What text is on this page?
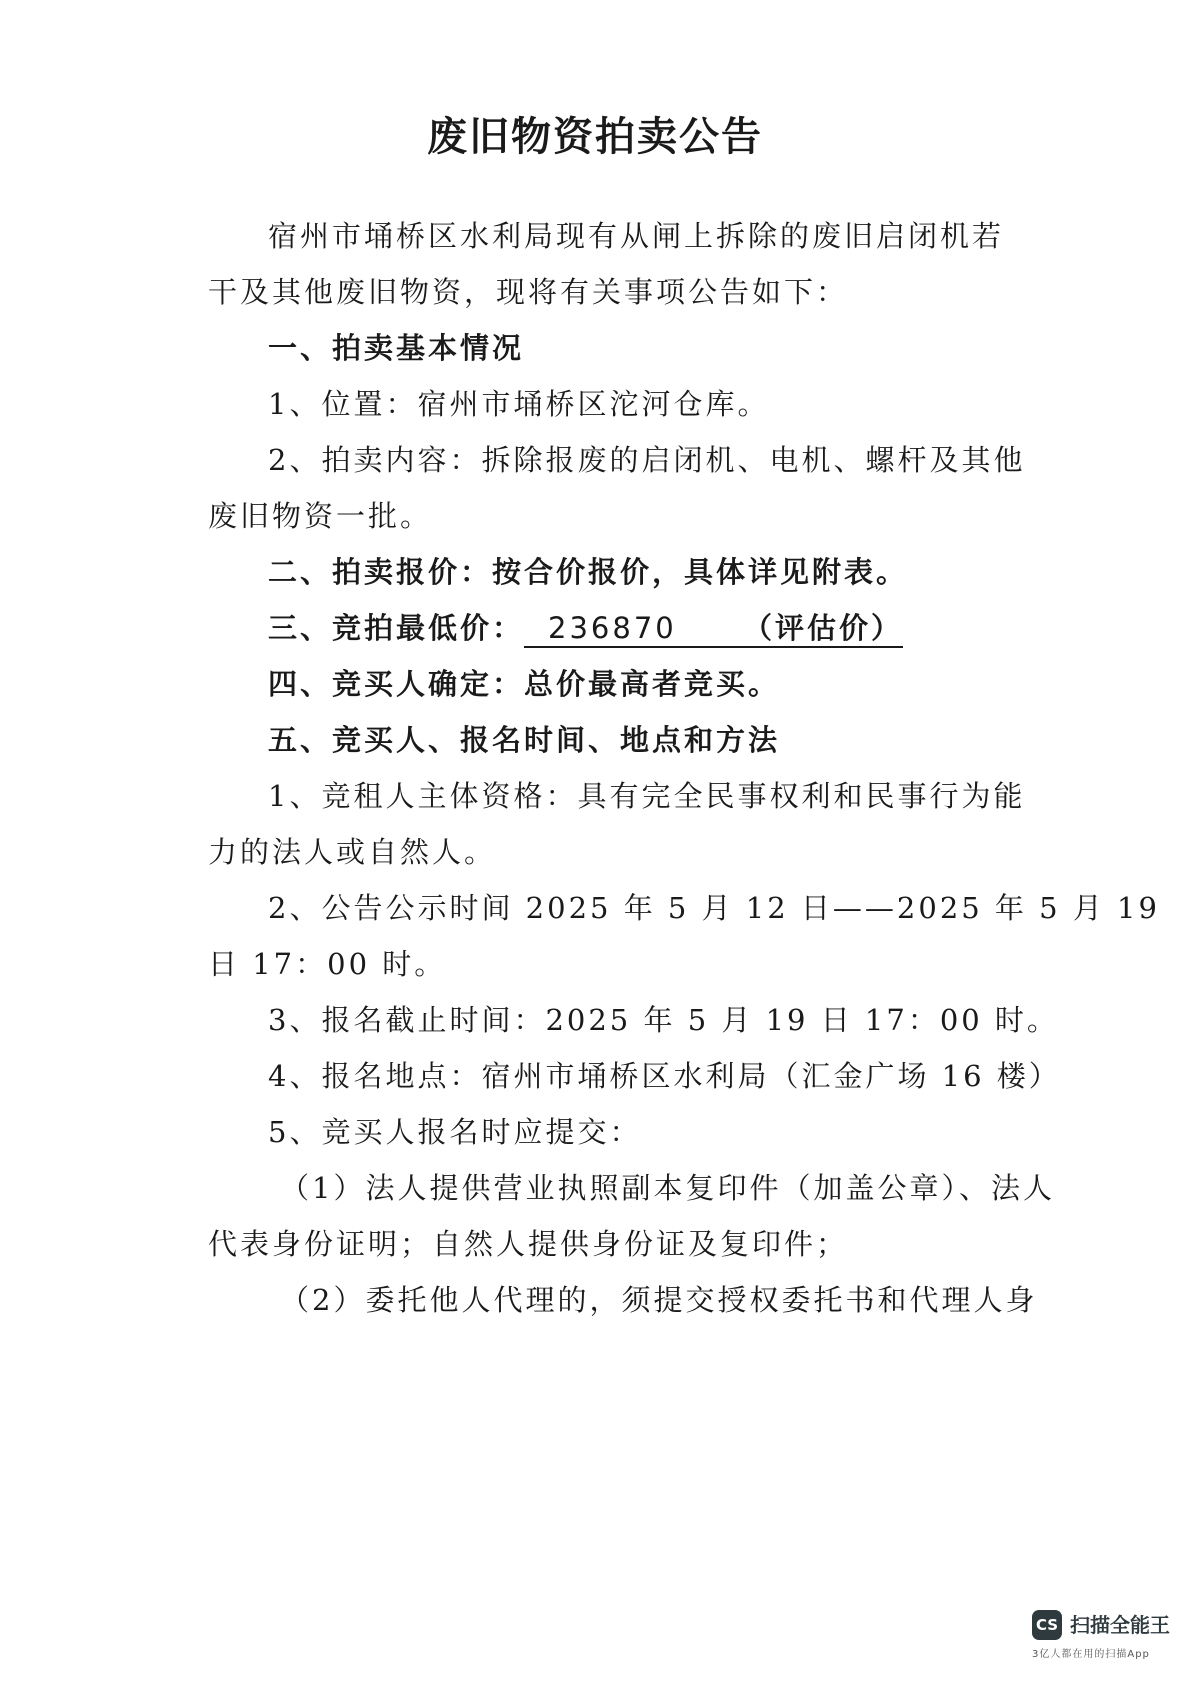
废旧物资拍卖公告
宿州市埇桥区水利局现有从闸上拆除的废旧启闭机若
干及其他废旧物资，现将有关事项公告如下：
一、拍卖基本情况
1、位置：宿州市埇桥区沱河仓库。
2、拍卖内容：拆除报废的启闭机、电机、螺杆及其他
废旧物资一批。
二、拍卖报价：按合价报价，具体详见附表。
三、竞拍最低价： 236870 （评估价）
四、竞买人确定：总价最高者竞买。
五、竞买人、报名时间、地点和方法
1、竞租人主体资格：具有完全民事权利和民事行为能
力的法人或自然人。
2、公告公示时间 2025 年 5 月 12 日——2025 年 5 月 19
日 17：00 时。
3、报名截止时间：2025 年 5 月 19 日 17：00 时。
4、报名地点：宿州市埇桥区水利局（汇金广场 16 楼）
5、竞买人报名时应提交：
（1）法人提供营业执照副本复印件（加盖公章）、法人
代表身份证明；自然人提供身份证及复印件；
（2）委托他人代理的，须提交授权委托书和代理人身
CS 扫描全能王
3亿人都在用的扫描App
